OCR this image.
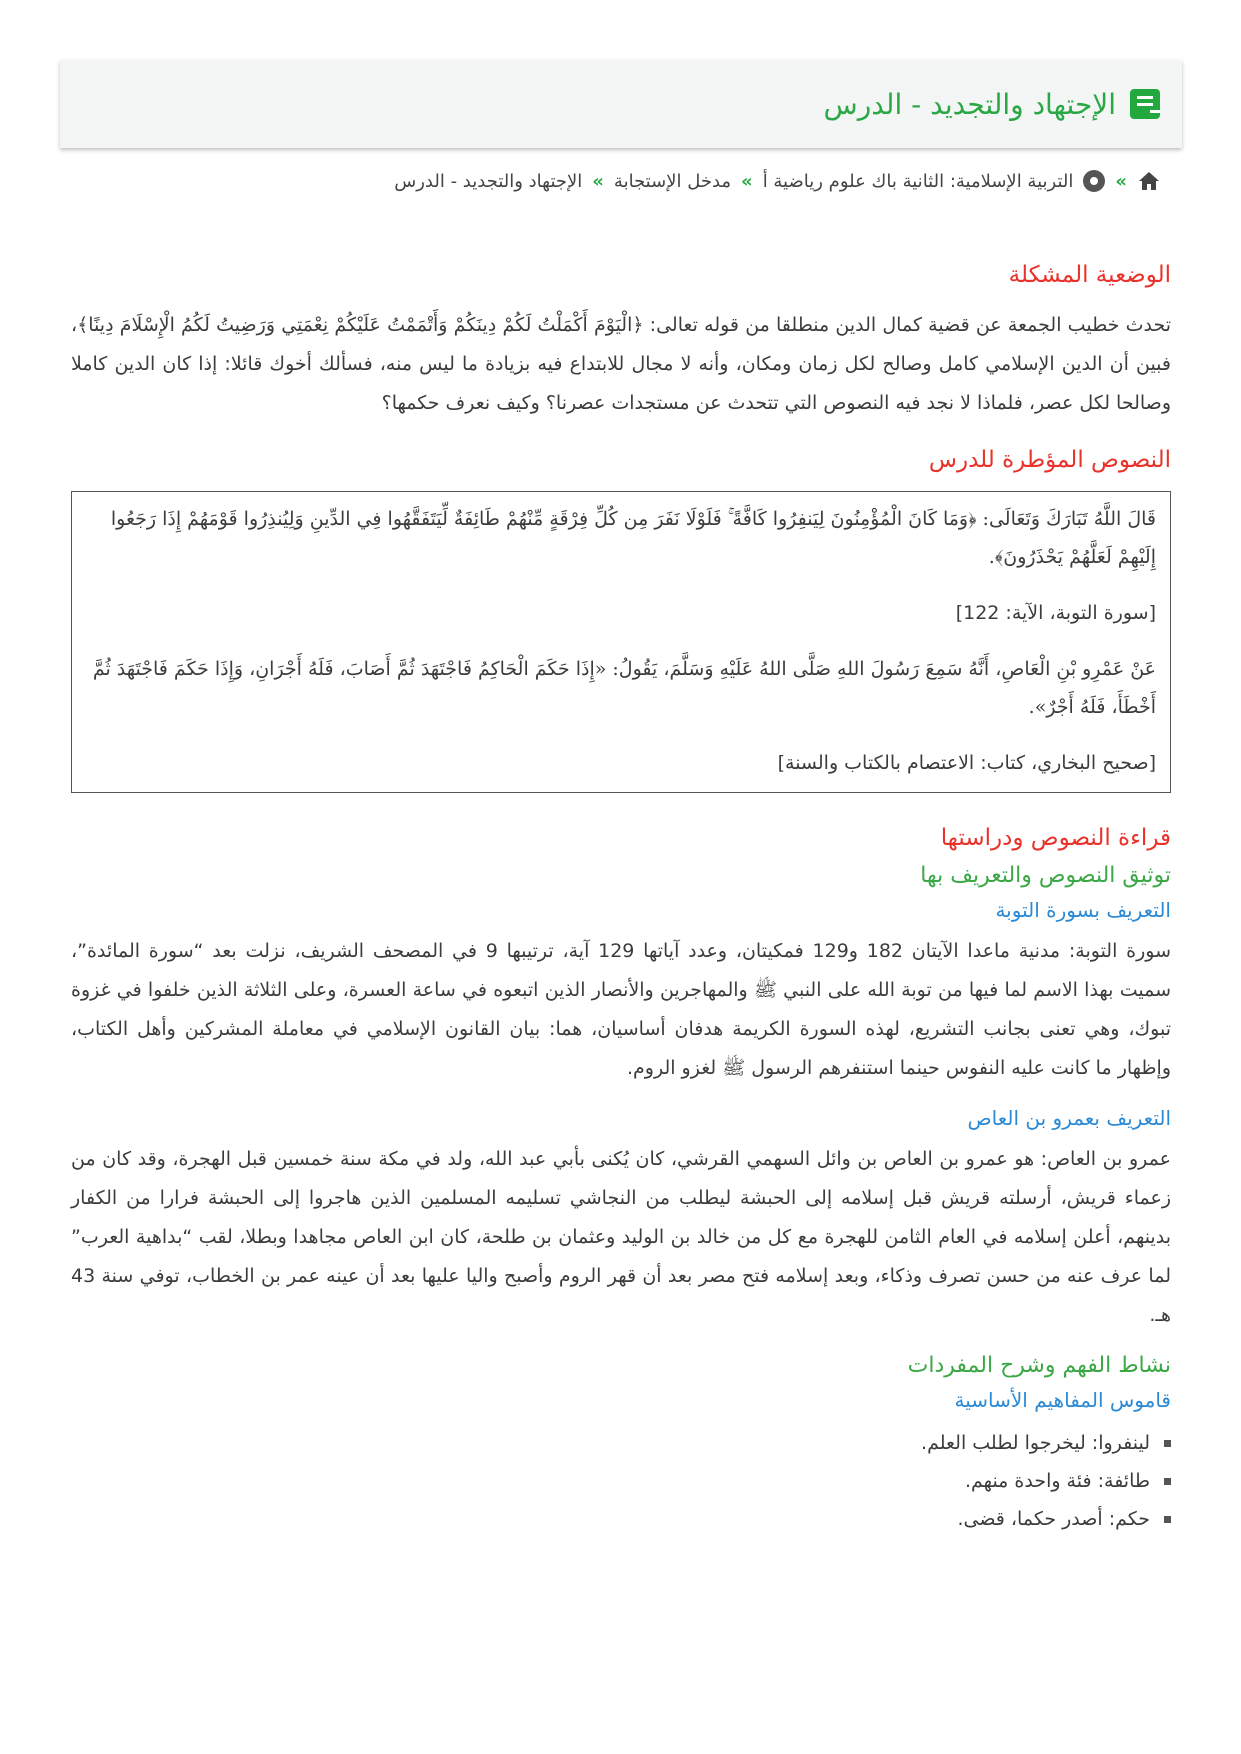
الإجتهاد والتجديد - الدرس
»
التربية الإسلامية: الثانية باك علوم رياضية أ
»
مدخل الإستجابة
»
الإجتهاد والتجديد - الدرس
الوضعية المشكلة

تحدث خطيب الجمعة عن قضية كمال الدين منطلقا من قوله تعالى: ﴿الْيَوْمَ أَكْمَلْتُ لَكُمْ دِينَكُمْ وَأَتْمَمْتُ عَلَيْكُمْ نِعْمَتِي وَرَضِيتُ لَكُمُ الْإِسْلَامَ دِينًا﴾، فبين أن الدين الإسلامي كامل وصالح لكل زمان ومكان، وأنه لا مجال للابتداع فيه بزيادة ما ليس منه، فسألك أخوك قائلا: إذا كان الدين كاملا وصالحا لكل عصر، فلماذا لا نجد فيه النصوص التي تتحدث عن مستجدات عصرنا؟ وكيف نعرف حكمها؟

النصوص المؤطرة للدرس

قَالَ اللَّهُ تَبَارَكَ وَتَعَالَى: ﴿وَمَا كَانَ الْمُؤْمِنُونَ لِيَنفِرُوا كَافَّةً ۚ فَلَوْلَا نَفَرَ مِن كُلِّ فِرْقَةٍ مِّنْهُمْ طَائِفَةٌ لِّيَتَفَقَّهُوا فِي الدِّينِ وَلِيُنذِرُوا قَوْمَهُمْ إِذَا رَجَعُوا إِلَيْهِمْ لَعَلَّهُمْ يَحْذَرُونَ﴾.

[سورة التوبة، الآية: 122]

عَنْ عَمْرِو بْنِ الْعَاصِ، أَنَّهُ سَمِعَ رَسُولَ اللهِ صَلَّى اللهُ عَلَيْهِ وَسَلَّمَ، يَقُولُ: «إِذَا حَكَمَ الْحَاكِمُ فَاجْتَهَدَ ثُمَّ أَصَابَ، فَلَهُ أَجْرَانِ، وَإِذَا حَكَمَ فَاجْتَهَدَ ثُمَّ أَخْطَأَ، فَلَهُ أَجْرٌ».

[صحيح البخاري، كتاب: الاعتصام بالكتاب والسنة]

قراءة النصوص ودراستها
توثيق النصوص والتعريف بها
التعريف بسورة التوبة

سورة التوبة: مدنية ماعدا الآيتان 182 و129 فمكيتان، وعدد آياتها 129 آية، ترتيبها 9 في المصحف الشريف، نزلت بعد “سورة المائدة”، سميت بهذا الاسم لما فيها من توبة الله على النبي ﷺ والمهاجرين والأنصار الذين اتبعوه في ساعة العسرة، وعلى الثلاثة الذين خلفوا في غزوة تبوك، وهي تعنى بجانب التشريع، لهذه السورة الكريمة هدفان أساسيان، هما: بيان القانون الإسلامي في معاملة المشركين وأهل الكتاب، وإظهار ما كانت عليه النفوس حينما استنفرهم الرسول ﷺ لغزو الروم.

التعريف بعمرو بن العاص

عمرو بن العاص: هو عمرو بن العاص بن وائل السهمي القرشي، كان يُكنى بأبي عبد الله، ولد في مكة سنة خمسين قبل الهجرة، وقد كان من زعماء قريش، أرسلته قريش قبل إسلامه إلى الحبشة ليطلب من النجاشي تسليمه المسلمين الذين هاجروا إلى الحبشة فرارا من الكفار بدينهم، أعلن إسلامه في العام الثامن للهجرة مع كل من خالد بن الوليد وعثمان بن طلحة، كان ابن العاص مجاهدا وبطلا، لقب “بداهية العرب” لما عرف عنه من حسن تصرف وذكاء، وبعد إسلامه فتح مصر بعد أن قهر الروم وأصبح واليا عليها بعد أن عينه عمر بن الخطاب، توفي سنة 43 هـ.

نشاط الفهم وشرح المفردات
قاموس المفاهيم الأساسية
لينفروا: ليخرجوا لطلب العلم.
طائفة: فئة واحدة منهم.
حكم: أصدر حكما، قضى.
